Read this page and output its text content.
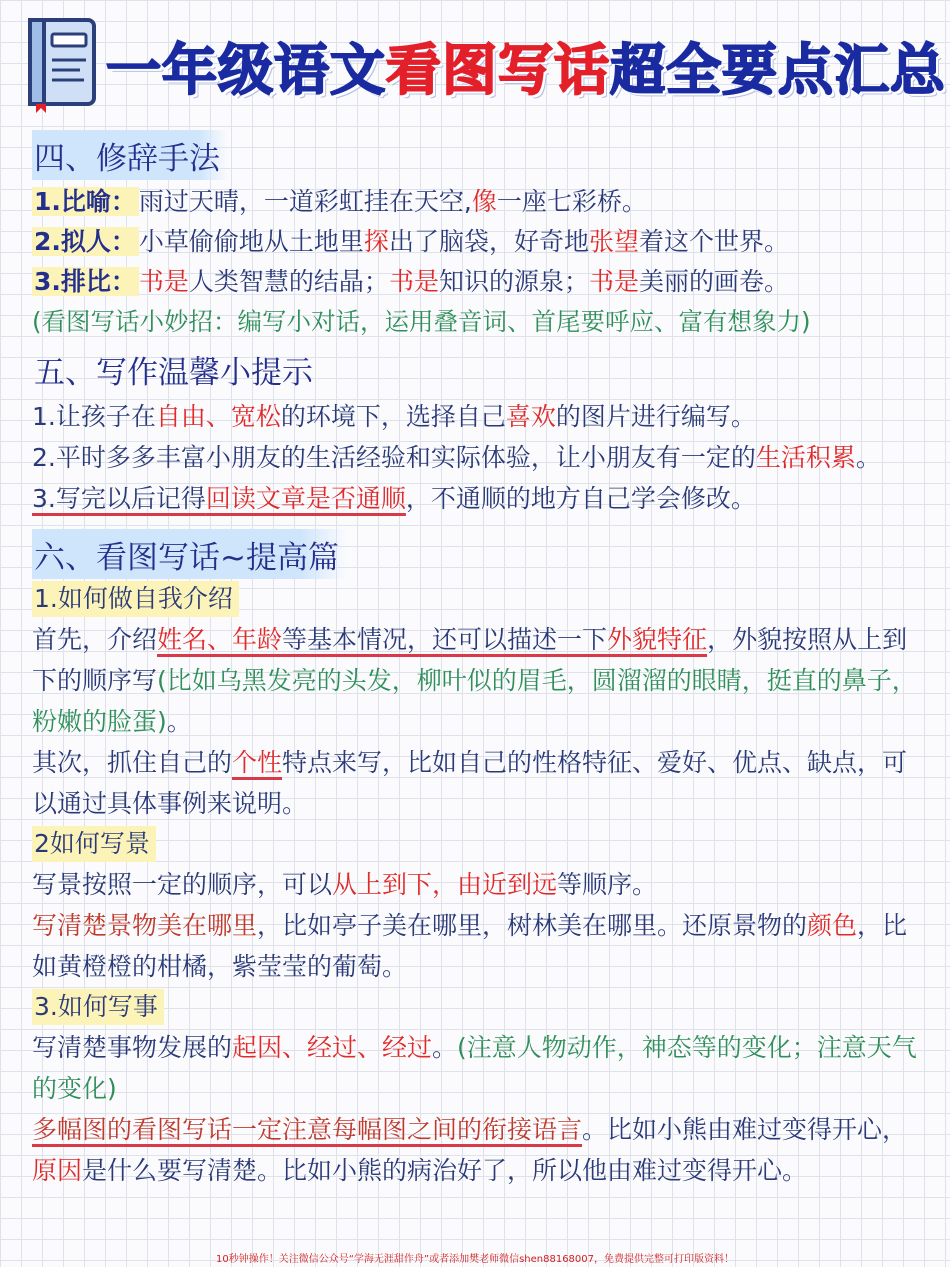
一年级语文看图写话超全要点汇总
四、修辞手法

1.比喻： 雨过天晴，一道彩虹挂在天空,像一座七彩桥。

2.拟人： 小草偷偷地从土地里探出了脑袋，好奇地张望着这个世界。

3.排比： 书是人类智慧的结晶；书是知识的源泉；书是美丽的画卷。

(看图写话小妙招：编写小对话，运用叠音词、首尾要呼应、富有想象力)

五、写作温馨小提示

1.让孩子在自由、宽松的环境下，选择自己喜欢的图片进行编写。

2.平时多多丰富小朋友的生活经验和实际体验，让小朋友有一定的生活积累。

3.写完以后记得回读文章是否通顺，不通顺的地方自己学会修改。

六、看图写话~提高篇
1.如何做自我介绍

首先，介绍姓名、年龄等基本情况，还可以描述一下外貌特征，外貌按照从上到下的顺序写(比如乌黑发亮的头发，柳叶似的眉毛，圆溜溜的眼睛，挺直的鼻子，粉嫩的脸蛋)。

其次，抓住自己的个性特点来写，比如自己的性格特征、爱好、优点、缺点，可以通过具体事例来说明。

2如何写景

写景按照一定的顺序，可以从上到下，由近到远等顺序。

写清楚景物美在哪里，比如亭子美在哪里，树林美在哪里。还原景物的颜色，比如黄橙橙的柑橘，紫莹莹的葡萄。

3.如何写事

写清楚事物发展的起因、经过、经过。(注意人物动作，神态等的变化；注意天气的变化)

多幅图的看图写话一定注意每幅图之间的衔接语言。比如小熊由难过变得开心，原因是什么要写清楚。比如小熊的病治好了，所以他由难过变得开心。

10秒钟操作！关注微信公众号“学海无涯甜作舟”或者添加樊老师微信shen88168007，免费提供完整可打印版资料！
